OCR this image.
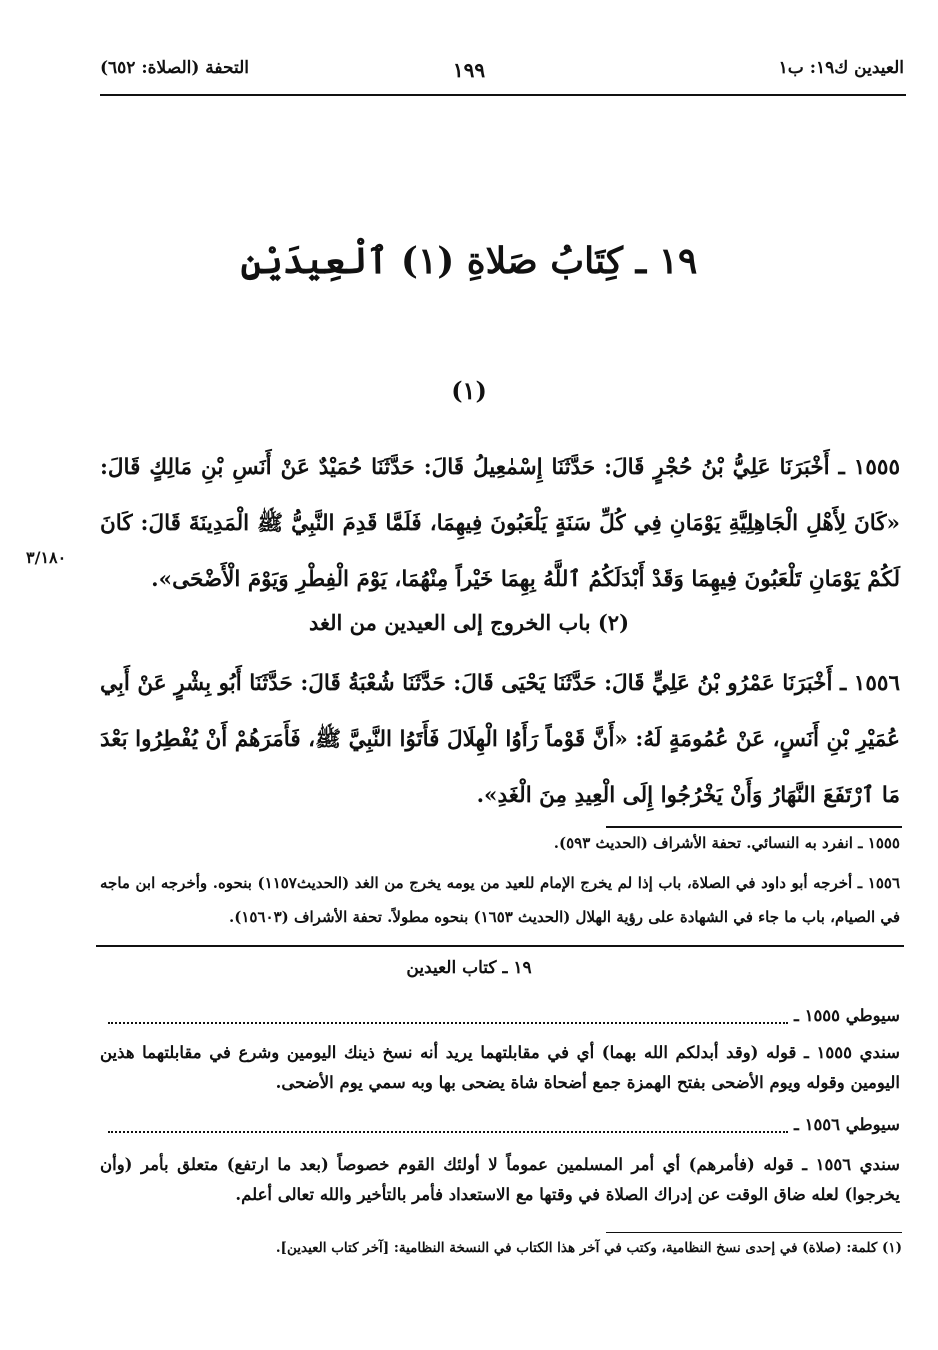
العيدين ك١٩: ب١
١٩٩
التحفة (الصلاة: ٦٥٢)
١٩ ـ كِتَابُ صَلاةِ (١) ٱلْعِيدَيْنِ
(١)
١٥٥٥ ـ أَخْبَرَنَا عَلِيُّ بْنُ حُجْرٍ قَالَ: حَدَّثَنَا إِسْمٰعِيلُ قَالَ: حَدَّثَنَا حُمَيْدٌ عَنْ أَنَسِ بْنِ مَالِكٍ قَالَ: «كَانَ لِأَهْلِ الْجَاهِلِيَّةِ يَوْمَانِ فِي كُلِّ سَنَةٍ يَلْعَبُونَ فِيهِمَا، فَلَمَّا قَدِمَ النَّبِيُّ ﷺ الْمَدِينَةَ قَالَ: كَانَ لَكُمْ يَوْمَانِ تَلْعَبُونَ فِيهِمَا وَقَدْ أَبْدَلَكُمُ ٱللَّهُ بِهِمَا خَيْراً مِنْهُمَا، يَوْمَ الْفِطْرِ وَيَوْمَ الْأَضْحَى».
٣/١٨٠
(٢) باب الخروج إلى العيدين من الغد
١٥٥٦ ـ أَخْبَرَنَا عَمْرُو بْنُ عَلِيٍّ قَالَ: حَدَّثَنَا يَحْيَى قَالَ: حَدَّثَنَا شُعْبَةُ قَالَ: حَدَّثَنَا أَبُو بِشْرٍ عَنْ أَبِي عُمَيْرِ بْنِ أَنَسٍ، عَنْ عُمُومَةٍ لَهُ: «أَنَّ قَوْماً رَأَوُا الْهِلَالَ فَأَتَوُا النَّبِيَّ ﷺ، فَأَمَرَهُمْ أَنْ يُفْطِرُوا بَعْدَ مَا ٱرْتَفَعَ النَّهَارُ وَأَنْ يَخْرُجُوا إِلَى الْعِيدِ مِنَ الْغَدِ».
١٥٥٥ ـ انفرد به النسائي. تحفة الأشراف (الحديث ٥٩٣).
١٥٥٦ ـ أخرجه أبو داود في الصلاة، باب إذا لم يخرج الإمام للعيد من يومه يخرج من الغد (الحديث١١٥٧) بنحوه. وأخرجه ابن ماجه في الصيام، باب ما جاء في الشهادة على رؤية الهلال (الحديث ١٦٥٣) بنحوه مطولاً. تحفة الأشراف (١٥٦٠٣).
١٩ ـ كتاب العيدين
سيوطي ١٥٥٥ ـ
سندي ١٥٥٥ ـ قوله (وقد أبدلكم الله بهما) أي في مقابلتهما يريد أنه نسخ ذينك اليومين وشرع في مقابلتهما هذين اليومين وقوله ويوم الأضحى بفتح الهمزة جمع أضحاة شاة يضحى بها وبه سمي يوم الأضحى.
سيوطي ١٥٥٦ ـ
سندي ١٥٥٦ ـ قوله (فأمرهم) أي أمر المسلمين عموماً لا أولئك القوم خصوصاً (بعد ما ارتفع) متعلق بأمر (وأن يخرجوا) لعله ضاق الوقت عن إدراك الصلاة في وقتها مع الاستعداد فأمر بالتأخير والله تعالى أعلم.
(١) كلمة: (صلاة) في إحدى نسخ النظامية، وكتب في آخر هذا الكتاب في النسخة النظامية: [آخر كتاب العيدين].
